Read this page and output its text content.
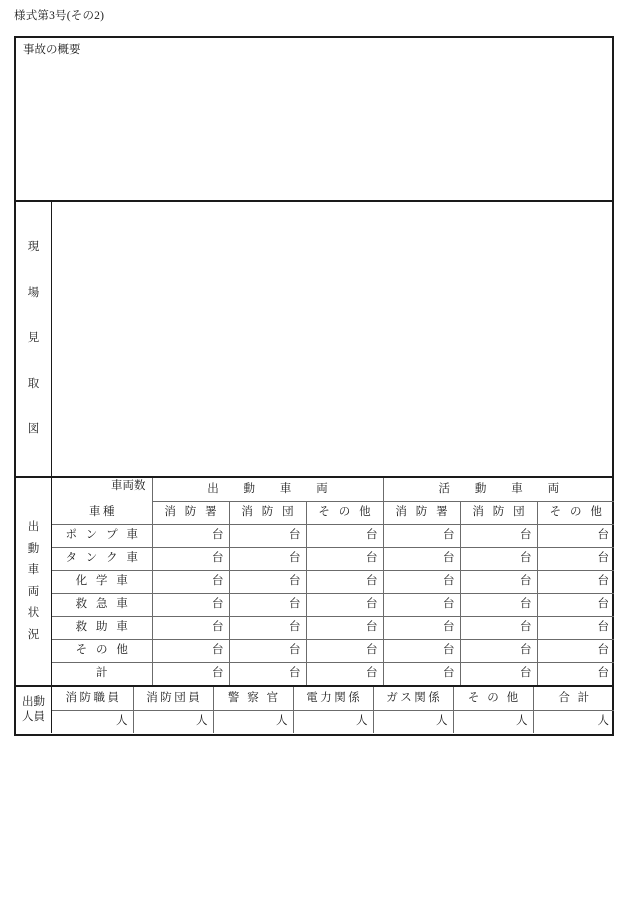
様式第3号(その2)
事故の概要
現
場
見
取
図
出
動
車
両
状
況
車両数
車種	出 動 車 両			活 動 車 両		
	消 防 署	消 防 団	そ の 他	消 防 署	消 防 団	そ の 他
ポ ン プ 車	台	台	台	台	台	台
タ ン ク 車	台	台	台	台	台	台
化 学 車	台	台	台	台	台	台
救 急 車	台	台	台	台	台	台
救 助 車	台	台	台	台	台	台
そ の 他	台	台	台	台	台	台
計	台	台	台	台	台	台
出動
人員
消防職員	消防団員	警 察 官	電力関係	ガス関係	そ の 他	合 計
人	人	人	人	人	人	人
